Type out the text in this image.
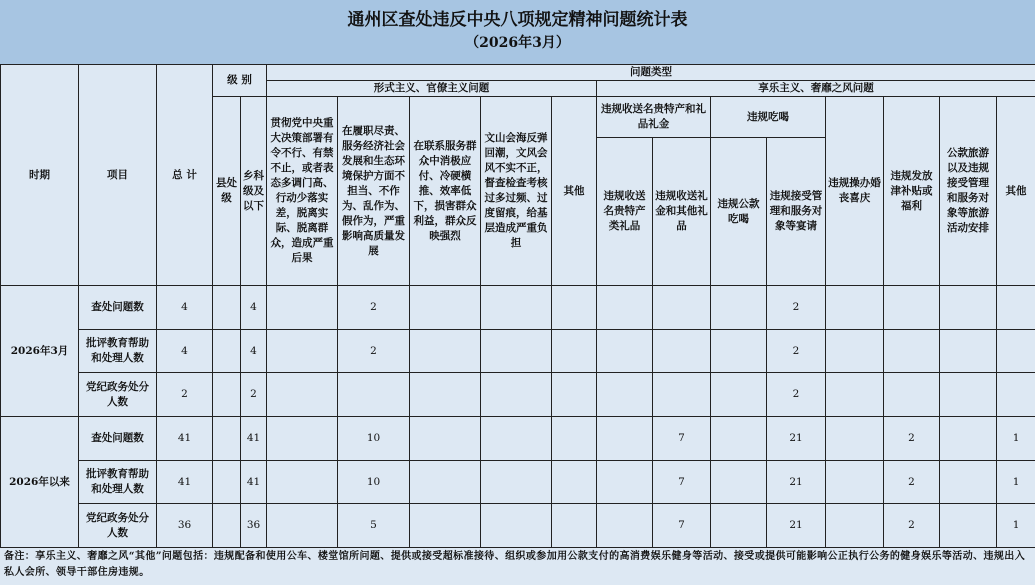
通州区查处违反中央八项规定精神问题统计表
（2026年3月）
时期	项目	总 计	级 别		问题类型												
					形式主义、官僚主义问题					享乐主义、奢靡之风问题							
			县处级	乡科级及以下	贯彻党中央重大决策部署有令不行、有禁不止，或者表态多调门高、行动少落实差，脱离实际、脱离群众，造成严重后果	在履职尽责、服务经济社会发展和生态环境保护方面不担当、不作为、乱作为、假作为，严重影响高质量发展	在联系服务群众中消极应付、冷硬横推、效率低下，损害群众利益，群众反映强烈	文山会海反弹回潮，文风会风不实不正，督查检查考核过多过频、过度留痕，给基层造成严重负担	其他	违规收送名贵特产和礼品礼金		违规吃喝		违规操办婚丧喜庆	违规发放津补贴或福利	公款旅游以及违规接受管理和服务对象等旅游活动安排	其他
										违规收送名贵特产类礼品	违规收送礼金和其他礼品	违规公款吃喝	违规接受管理和服务对象等宴请				
2026年3月	查处问题数	4		4		2							2				
	批评教育帮助和处理人数	4		4		2							2				
	党纪政务处分人数	2		2									2				
2026年以来	查处问题数	41		41		10					7		21		2		1
	批评教育帮助和处理人数	41		41		10					7		21		2		1
	党纪政务处分人数	36		36		5					7		21		2		1
备注：享乐主义、奢靡之风“其他”问题包括：违规配备和使用公车、楼堂馆所问题、提供或接受超标准接待、组织或参加用公款支付的高消费娱乐健身等活动、接受或提供可能影响公正执行公务的健身娱乐等活动、违规出入私人会所、领导干部住房违规。
